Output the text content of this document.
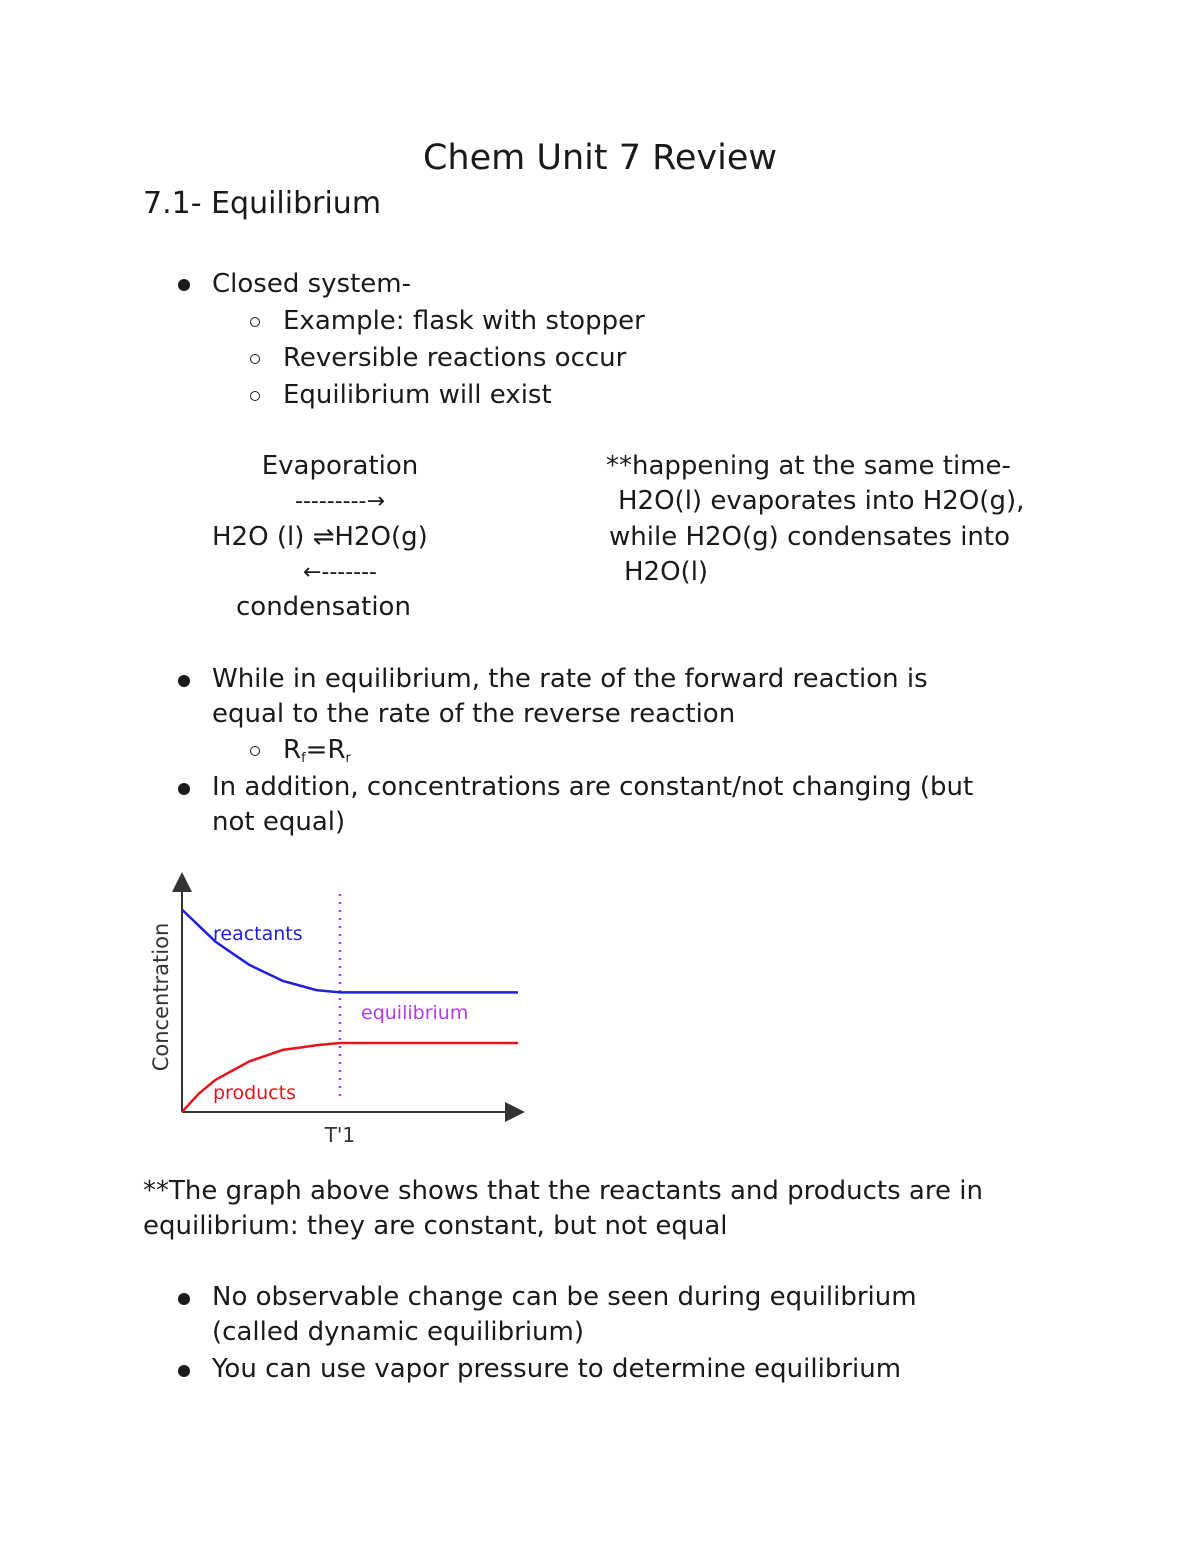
Chem Unit 7 Review
7.1- Equilibrium
Closed system-
Example: flask with stopper
Reversible reactions occur
Equilibrium will exist
Evaporation
---------→
H2O (l) ⇌H2O(g)
←-------
condensation
**happening at the same time-
H2O(l) evaporates into H2O(g),
while H2O(g) condensates into
H2O(l)
While in equilibrium, the rate of the forward reaction is
equal to the rate of the reverse reaction
$R_f=R_r$
In addition, concentrations are constant/not changing (but
not equal)
reactants
products
equilibrium
Concentration
T'1
**The graph above shows that the reactants and products are in
equilibrium: they are constant, but not equal
No observable change can be seen during equilibrium
(called dynamic equilibrium)
You can use vapor pressure to determine equilibrium
